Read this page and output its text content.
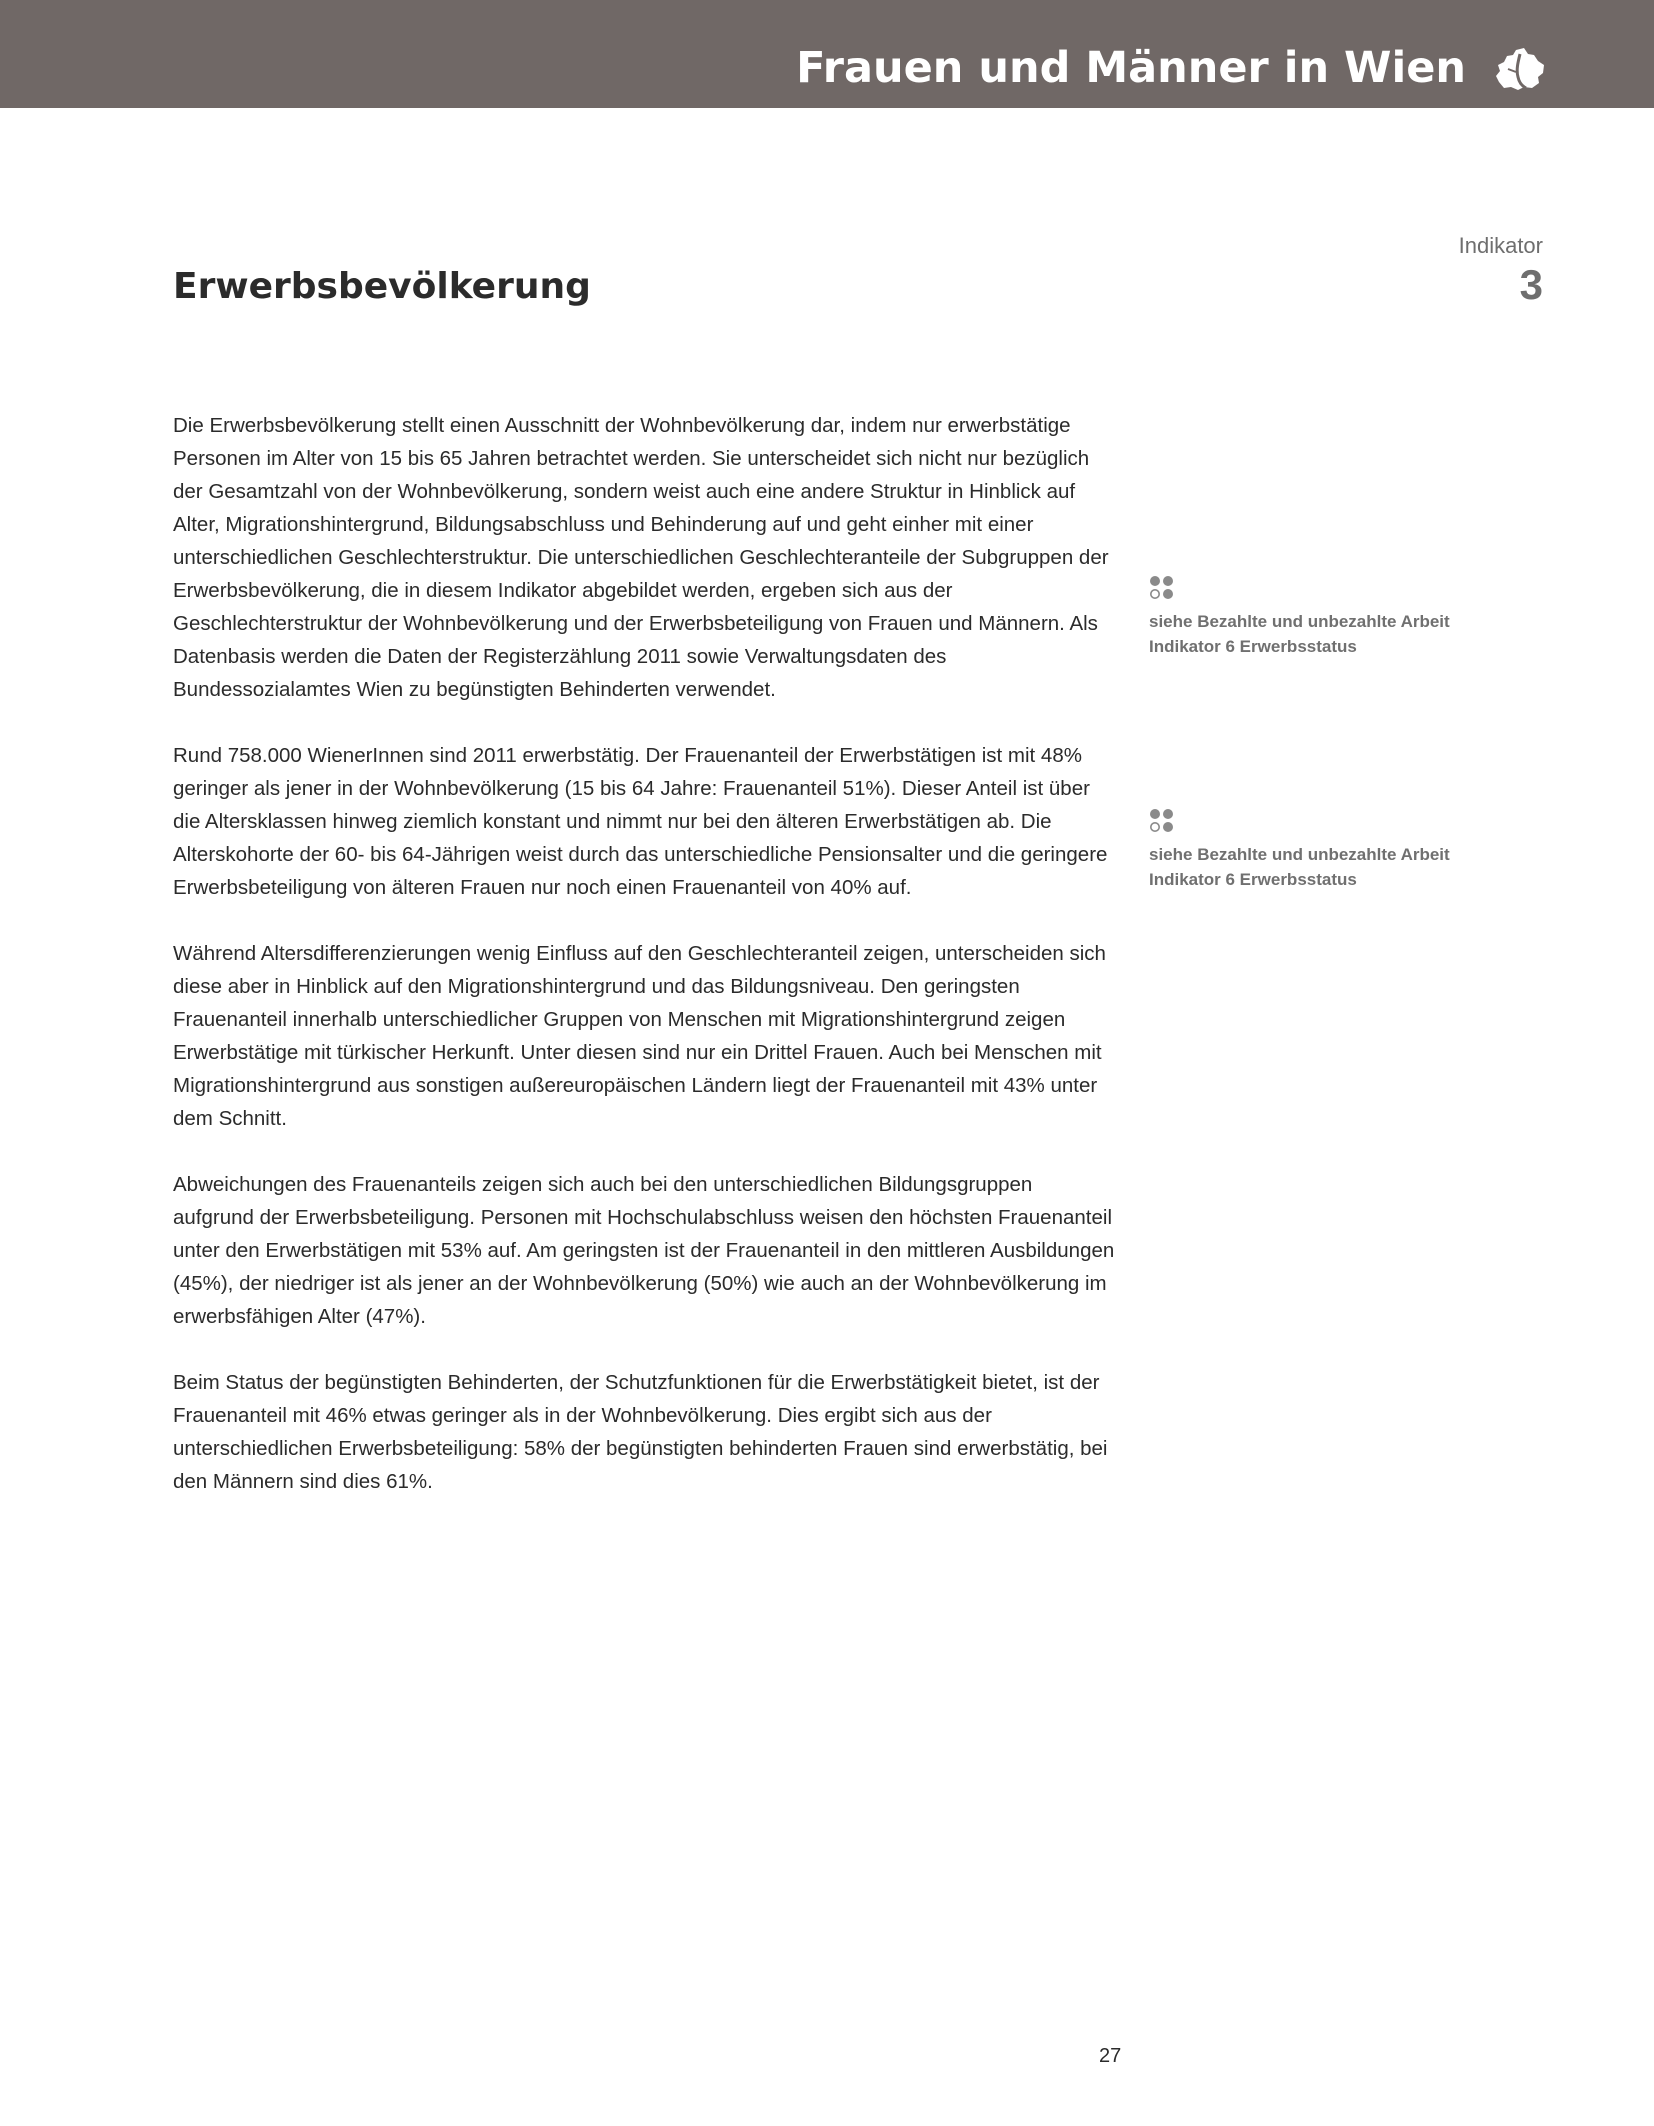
Frauen und Männer in Wien
Indikator
3
Erwerbsbevölkerung

Die Erwerbsbevölkerung stellt einen Ausschnitt der Wohnbevölkerung dar, indem nur erwerbstätige Personen im Alter von 15 bis 65 Jahren betrachtet werden. Sie unterscheidet sich nicht nur bezüglich der Gesamtzahl von der Wohnbevölkerung, sondern weist auch eine andere Struktur in Hinblick auf Alter, Migrationshintergrund, Bildungsabschluss und Behinderung auf und geht einher mit einer unterschiedlichen Geschlechterstruktur. Die unterschiedlichen Geschlechteranteile der Subgruppen der Erwerbsbevölkerung, die in diesem Indikator abgebildet werden, ergeben sich aus der Geschlechterstruktur der Wohnbevölkerung und der Erwerbsbeteiligung von Frauen und Männern. Als Datenbasis werden die Daten der Registerzählung 2011 sowie Verwaltungsdaten des Bundessozialamtes Wien zu begünstigten Behinderten verwendet.

Rund 758.000 WienerInnen sind 2011 erwerbstätig. Der Frauenanteil der Erwerbstätigen ist mit 48% geringer als jener in der Wohnbevölkerung (15 bis 64 Jahre: Frauenanteil 51%). Dieser Anteil ist über die Altersklassen hinweg ziemlich konstant und nimmt nur bei den älteren Erwerbstätigen ab. Die Alterskohorte der 60- bis 64-Jährigen weist durch das unterschiedliche Pensionsalter und die geringere Erwerbsbeteiligung von älteren Frauen nur noch einen Frauenanteil von 40% auf.

Während Altersdifferenzierungen wenig Einfluss auf den Geschlechteranteil zeigen, unterscheiden sich diese aber in Hinblick auf den Migrationshintergrund und das Bildungsniveau. Den geringsten Frauenanteil innerhalb unterschiedlicher Gruppen von Menschen mit Migrationshintergrund zeigen Erwerbstätige mit türkischer Herkunft. Unter diesen sind nur ein Drittel Frauen. Auch bei Menschen mit Migrationshintergrund aus sonstigen außereuropäischen Ländern liegt der Frauenanteil mit 43% unter dem Schnitt.

Abweichungen des Frauenanteils zeigen sich auch bei den unterschiedlichen Bildungsgruppen aufgrund der Erwerbsbeteiligung. Personen mit Hochschulabschluss weisen den höchsten Frauenanteil unter den Erwerbstätigen mit 53% auf. Am geringsten ist der Frauenanteil in den mittleren Ausbildungen (45%), der niedriger ist als jener an der Wohnbevölkerung (50%) wie auch an der Wohnbevölkerung im erwerbsfähigen Alter (47%).

Beim Status der begünstigten Behinderten, der Schutzfunktionen für die Erwerbstätigkeit bietet, ist der Frauenanteil mit 46% etwas geringer als in der Wohnbevölkerung. Dies ergibt sich aus der unterschiedlichen Erwerbsbeteiligung: 58% der begünstigten behinderten Frauen sind erwerbstätig, bei den Männern sind dies 61%.

siehe Bezahlte und unbezahlte Arbeit
Indikator 6 Erwerbsstatus
siehe Bezahlte und unbezahlte Arbeit
Indikator 6 Erwerbsstatus
27
